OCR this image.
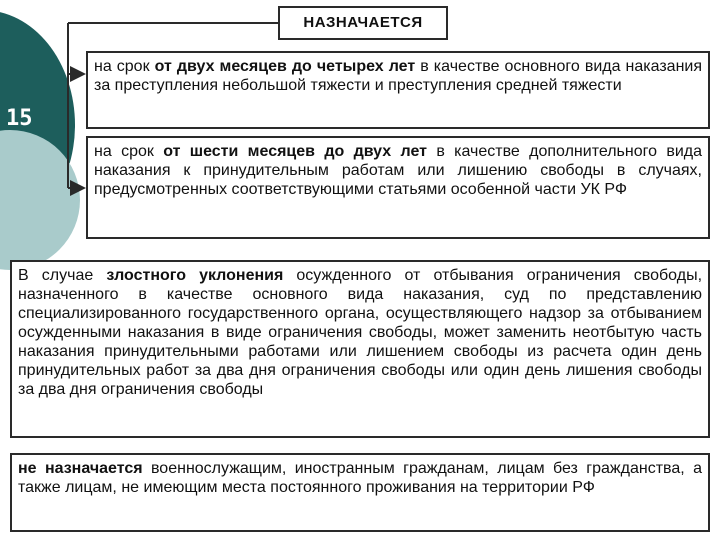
15
НАЗНАЧАЕТСЯ

на срок от двух месяцев до четырех лет в качестве основного вида наказания за преступления небольшой тяжести и преступления средней тяжести

на срок от шести месяцев до двух лет в качестве дополнительного вида наказания к принудительным работам или лишению свободы в случаях, предусмотренных соответствующими статьями особенной части УК РФ

В случае злостного уклонения осужденного от отбывания ограничения свободы, назначенного в качестве основного вида наказания, суд по представлению специализированного государственного органа, осуществляющего надзор за отбыванием осужденными наказания в виде ограничения свободы, может заменить неотбытую часть наказания принудительными работами или лишением свободы из расчета один день принудительных работ за два дня ограничения свободы или один день лишения свободы за два дня ограничения свободы

не назначается военнослужащим, иностранным гражданам, лицам без гражданства, а также лицам, не имеющим места постоянного проживания на территории РФ
